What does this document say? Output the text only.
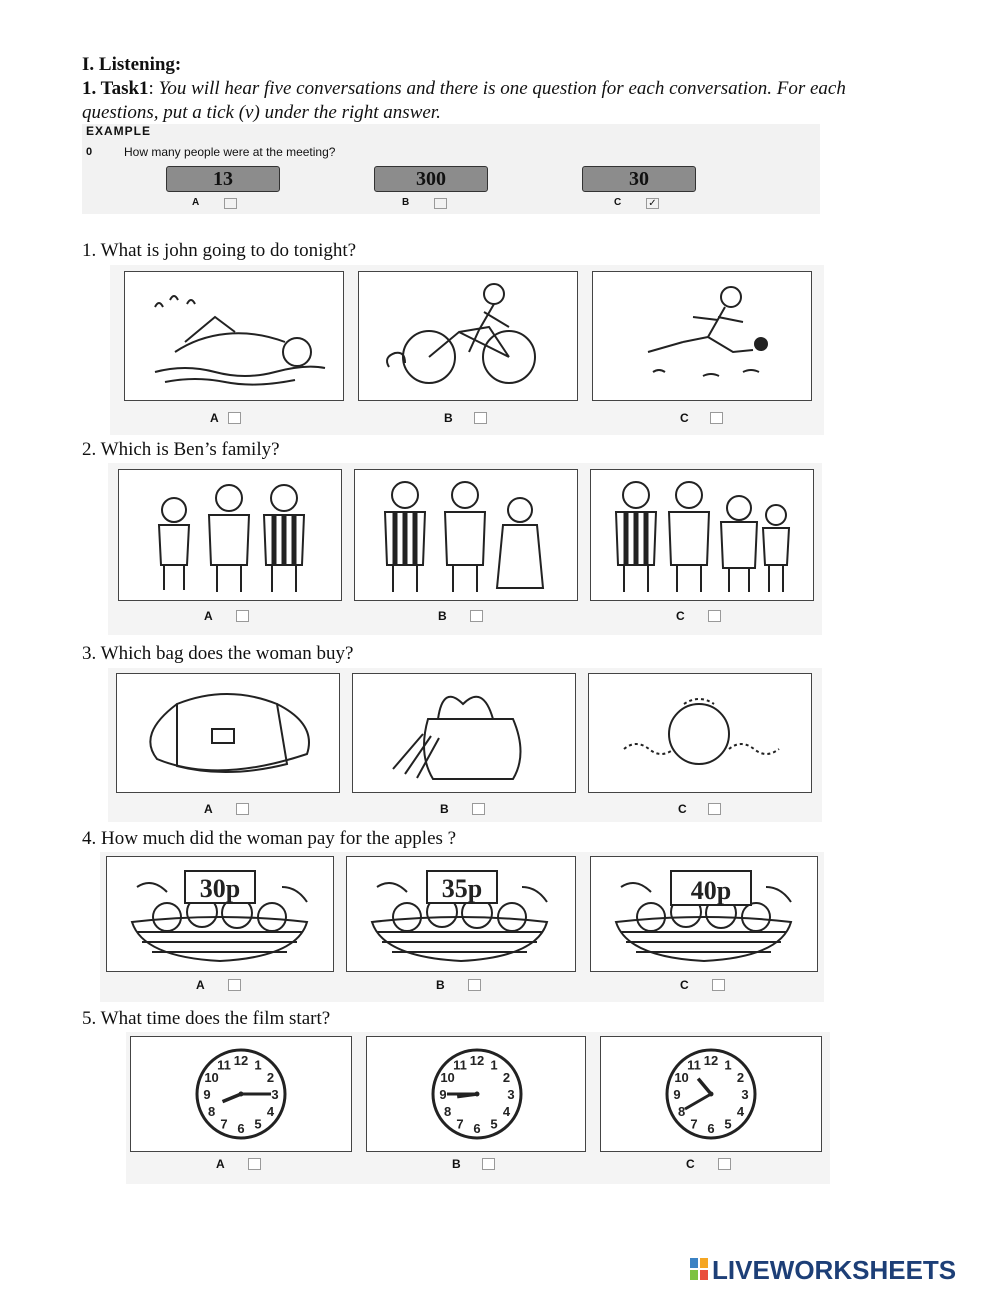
I. Listening:
1. Task1: You will hear five conversations and there is one question for each conversation. For each questions, put a tick (v) under the right answer.
EXAMPLE
0	How many people were at the meeting?
13	300	30
A	B	C	✓
1. What is john going to do tonight?
A	B	C
2. Which is Ben’s family?
A	B	C
3. Which bag does the woman buy?
A	B	C
4. How much did the woman pay for the apples ?
30p	35p	40p
A	B	C
5. What time does the film start?
1
2
3
4
5
6
7
8
9
10
11 12	1
2
3
4
5
6
7
8
9
10
11 12	1
2
3
4
5
6
7
8
9
10
11 12
A	B	C
LIVEWORKSHEETS
